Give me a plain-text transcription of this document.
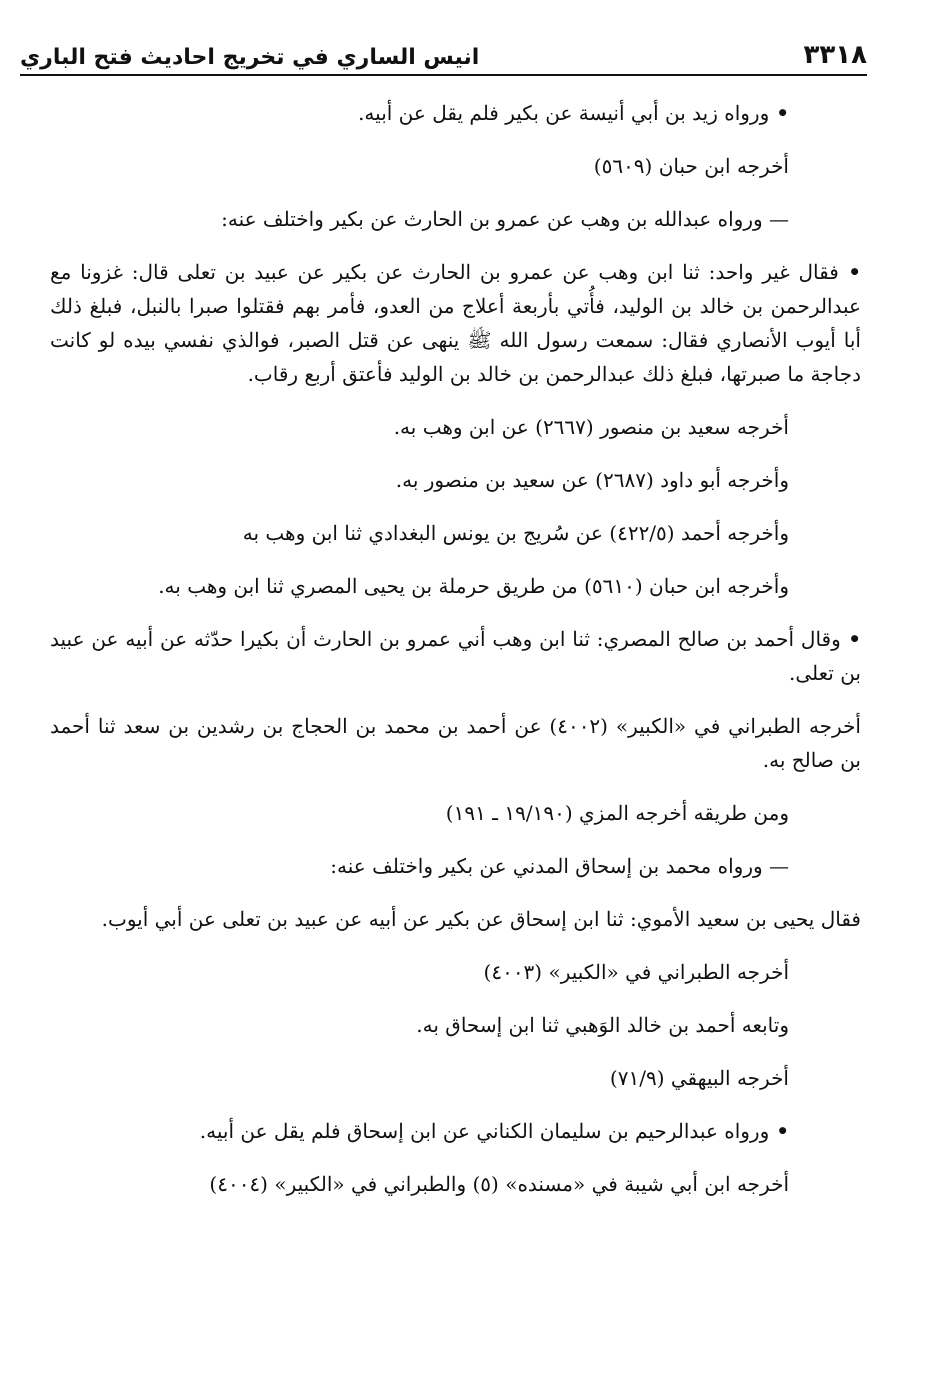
٣٣١٨
انيس الساري في تخريج احاديث فتح الباري

• ورواه زيد بن أبي أنيسة عن بكير فلم يقل عن أبيه.

أخرجه ابن حبان (٥٦٠٩)

— ورواه عبدالله بن وهب عن عمرو بن الحارث عن بكير واختلف عنه:

• فقال غير واحد: ثنا ابن وهب عن عمرو بن الحارث عن بكير عن عبيد بن تعلى قال: غزونا مع عبدالرحمن بن خالد بن الوليد، فأُتي بأربعة أعلاج من العدو، فأمر بهم فقتلوا صبرا بالنبل، فبلغ ذلك أبا أيوب الأنصاري فقال: سمعت رسول الله ﷺ ينهى عن قتل الصبر، فوالذي نفسي بيده لو كانت دجاجة ما صبرتها، فبلغ ذلك عبدالرحمن بن خالد بن الوليد فأعتق أربع رقاب.

أخرجه سعيد بن منصور (٢٦٦٧) عن ابن وهب به.

وأخرجه أبو داود (٢٦٨٧) عن سعيد بن منصور به.

وأخرجه أحمد (٤٢٢/٥) عن سُريج بن يونس البغدادي ثنا ابن وهب به

وأخرجه ابن حبان (٥٦١٠) من طريق حرملة بن يحيى المصري ثنا ابن وهب به.

• وقال أحمد بن صالح المصري: ثنا ابن وهب أني عمرو بن الحارث أن بكيرا حدّثه عن أبيه عن عبيد بن تعلى.

أخرجه الطبراني في «الكبير» (٤٠٠٢) عن أحمد بن محمد بن الحجاج بن رشدين بن سعد ثنا أحمد بن صالح به.

ومن طريقه أخرجه المزي (١٩/١٩٠ ـ ١٩١)

— ورواه محمد بن إسحاق المدني عن بكير واختلف عنه:

فقال يحيى بن سعيد الأموي: ثنا ابن إسحاق عن بكير عن أبيه عن عبيد بن تعلى عن أبي أيوب.

أخرجه الطبراني في «الكبير» (٤٠٠٣)

وتابعه أحمد بن خالد الوَهبي ثنا ابن إسحاق به.

أخرجه البيهقي (٧١/٩)

• ورواه عبدالرحيم بن سليمان الكناني عن ابن إسحاق فلم يقل عن أبيه.

أخرجه ابن أبي شيبة في «مسنده» (٥) والطبراني في «الكبير» (٤٠٠٤)
